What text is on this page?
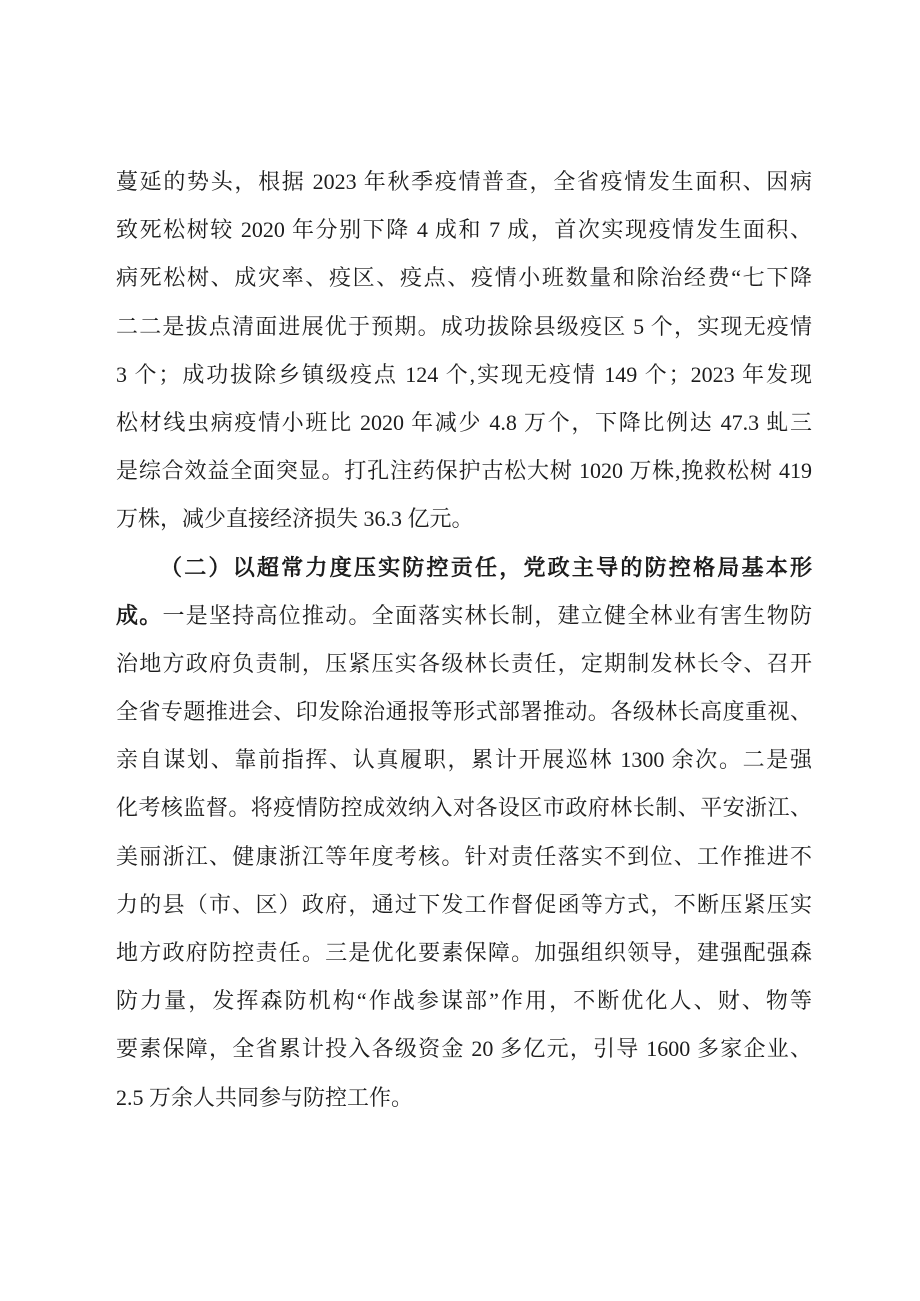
蔓延的势头，根据 2023 年秋季疫情普查，全省疫情发生面积、因病
致死松树较 2020 年分别下降 4 成和 7 成，首次实现疫情发生面积、
病死松树、成灾率、疫区、疫点、疫情小班数量和除治经费“七下降
二二是拔点清面进展优于预期。成功拔除县级疫区 5 个，实现无疫情
3 个；成功拔除乡镇级疫点 124 个,实现无疫情 149 个；2023 年发现
松材线虫病疫情小班比 2020 年减少 4.8 万个，下降比例达 47.3 虬三
是综合效益全面突显。打孔注药保护古松大树 1020 万株,挽救松树 419
万株，减少直接经济损失 36.3 亿元。
（二）以超常力度压实防控贡任，党政主导的防控格局基本形
成。一是坚持高位推动。全面落实林长制，建立健全林业有害生物防
治地方政府负责制，压紧压实各级林长责任，定期制发林长令、召开
全省专题推进会、印发除治通报等形式部署推动。各级林长高度重视、
亲自谋划、靠前指挥、认真履职，累计开展巡林 1300 余次。二是强
化考核监督。将疫情防控成效纳入对各设区市政府林长制、平安浙江、
美丽浙江、健康浙江等年度考核。针对责任落实不到位、工作推进不
力的县（市、区）政府，通过下发工作督促函等方式，不断压紧压实
地方政府防控责任。三是优化要素保障。加强组织领导，建强配强森
防力量，发挥森防机构“作战参谋部”作用，不断优化人、财、物等
要素保障，全省累计投入各级资金 20 多亿元，引导 1600 多家企业、
2.5 万余人共同参与防控工作。
